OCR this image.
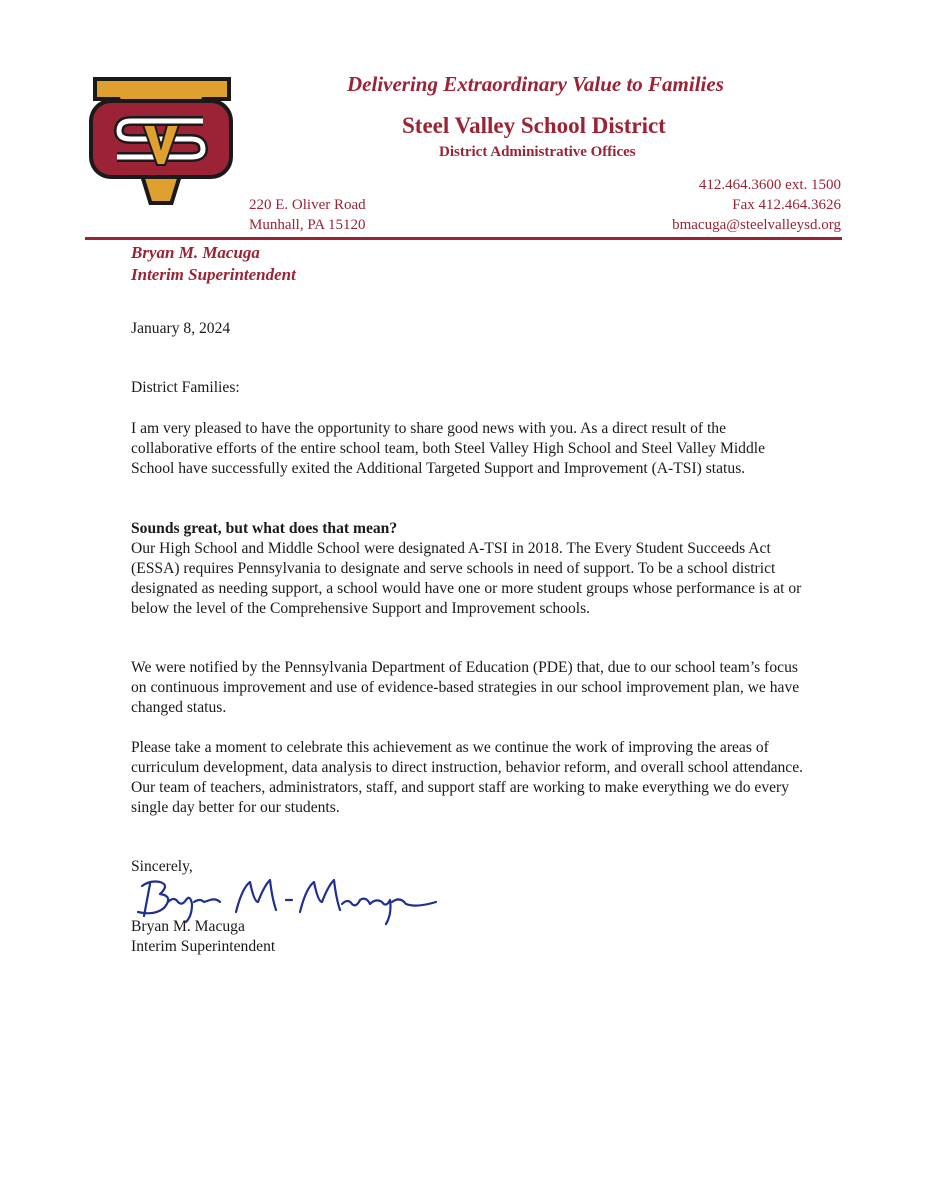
Delivering Extraordinary Value to Families
Steel Valley School District
District Administrative Offices
220 E. Oliver Road
Munhall, PA 15120
412.464.3600 ext. 1500
Fax 412.464.3626
bmacuga@steelvalleysd.org
Bryan M. Macuga
Interim Superintendent
January 8, 2024
District Families:
I am very pleased to have the opportunity to share good news with you. As a direct result of the collaborative efforts of the entire school team, both Steel Valley High School and Steel Valley Middle School have successfully exited the Additional Targeted Support and Improvement (A-TSI) status.
Sounds great, but what does that mean?
Our High School and Middle School were designated A-TSI in 2018. The Every Student Succeeds Act (ESSA) requires Pennsylvania to designate and serve schools in need of support. To be a school district designated as needing support, a school would have one or more student groups whose performance is at or below the level of the Comprehensive Support and Improvement schools.
We were notified by the Pennsylvania Department of Education (PDE) that, due to our school team’s focus on continuous improvement and use of evidence-based strategies in our school improvement plan, we have changed status.
Please take a moment to celebrate this achievement as we continue the work of improving the areas of curriculum development, data analysis to direct instruction, behavior reform, and overall school attendance. Our team of teachers, administrators, staff, and support staff are working to make everything we do every single day better for our students.
Sincerely,
Bryan M. Macuga
Interim Superintendent
